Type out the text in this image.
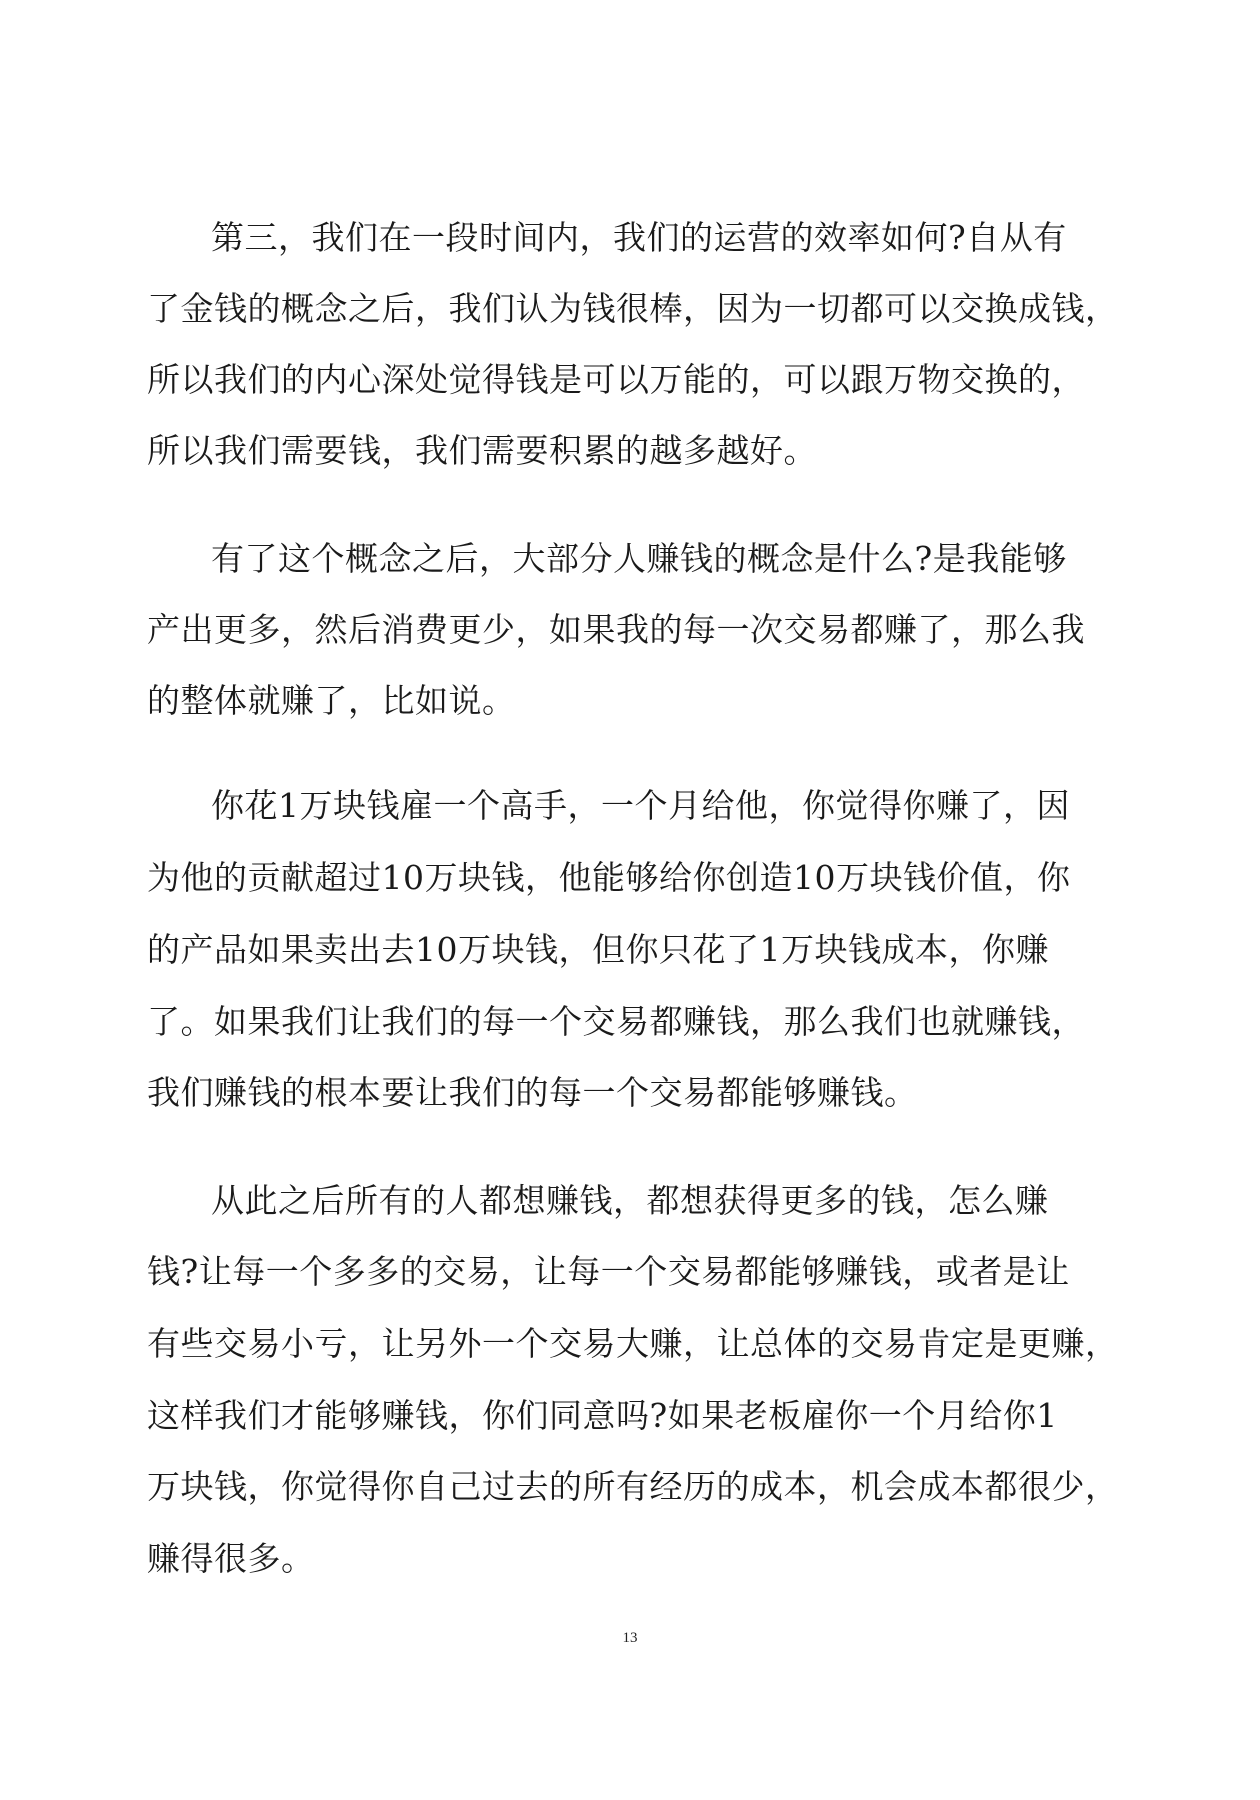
第三，我们在一段时间内，我们的运营的效率如何?自从有
了金钱的概念之后，我们认为钱很棒，因为一切都可以交换成钱，
所以我们的内心深处觉得钱是可以万能的，可以跟万物交换的，
所以我们需要钱，我们需要积累的越多越好。
有了这个概念之后，大部分人赚钱的概念是什么?是我能够
产出更多，然后消费更少，如果我的每一次交易都赚了，那么我
的整体就赚了，比如说。
你花1万块钱雇一个高手，一个月给他，你觉得你赚了，因
为他的贡献超过10万块钱，他能够给你创造10万块钱价值，你
的产品如果卖出去10万块钱，但你只花了1万块钱成本，你赚
了。如果我们让我们的每一个交易都赚钱，那么我们也就赚钱，
我们赚钱的根本要让我们的每一个交易都能够赚钱。
从此之后所有的人都想赚钱，都想获得更多的钱，怎么赚
钱?让每一个多多的交易，让每一个交易都能够赚钱，或者是让
有些交易小亏，让另外一个交易大赚，让总体的交易肯定是更赚，
这样我们才能够赚钱，你们同意吗?如果老板雇你一个月给你1
万块钱，你觉得你自己过去的所有经历的成本，机会成本都很少，
赚得很多。
13
